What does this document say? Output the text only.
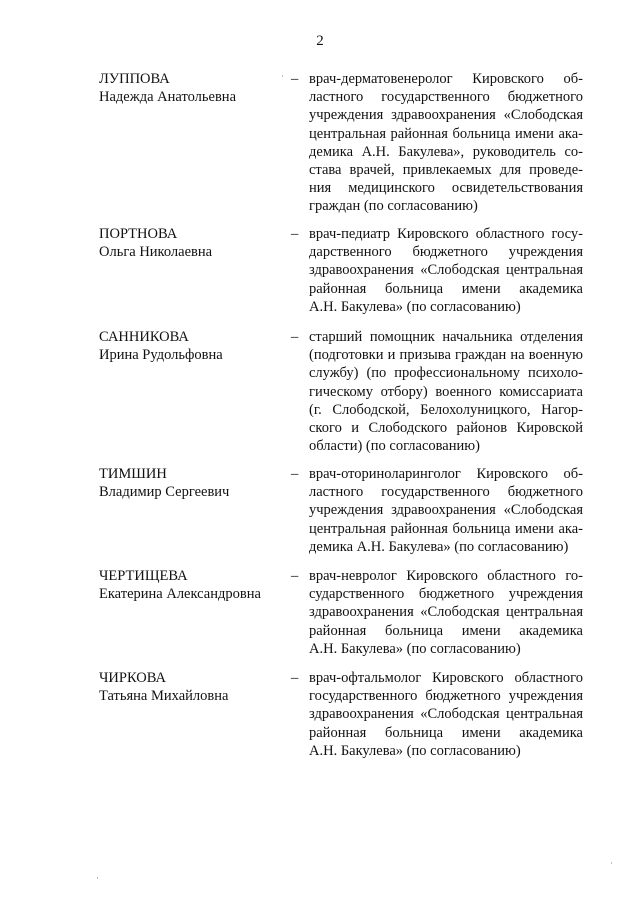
2
ЛУППОВА
Надежда Анатольевна
– врач-дерматовенеролог Кировского об-
ластного государственного бюджетного
учреждения здравоохранения «Слободская
центральная районная больница имени ака-
демика А.Н. Бакулева», руководитель со-
става врачей, привлекаемых для проведе-
ния медицинского освидетельствования
граждан (по согласованию)

ПОРТНОВА
Ольга Николаевна
– врач-педиатр Кировского областного госу-
дарственного бюджетного учреждения
здравоохранения «Слободская центральная
районная больница имени академика
А.Н. Бакулева» (по согласованию)

САННИКОВА
Ирина Рудольфовна
– старший помощник начальника отделения
(подготовки и призыва граждан на военную
службу) (по профессиональному психоло-
гическому отбору) военного комиссариата
(г. Слободской, Белохолуницкого, Нагор-
ского и Слободского районов Кировской
области) (по согласованию)

ТИМШИН
Владимир Сергеевич
– врач-оториноларинголог Кировского об-
ластного государственного бюджетного
учреждения здравоохранения «Слободская
центральная районная больница имени ака-
демика А.Н. Бакулева» (по согласованию)

ЧЕРТИЩЕВА
Екатерина Александровна
– врач-невролог Кировского областного го-
сударственного бюджетного учреждения
здравоохранения «Слободская центральная
районная больница имени академика
А.Н. Бакулева» (по согласованию)

ЧИРКОВА
Татьяна Михайловна
– врач-офтальмолог Кировского областного
государственного бюджетного учреждения
здравоохранения «Слободская центральная
районная больница имени академика
А.Н. Бакулева» (по согласованию)
